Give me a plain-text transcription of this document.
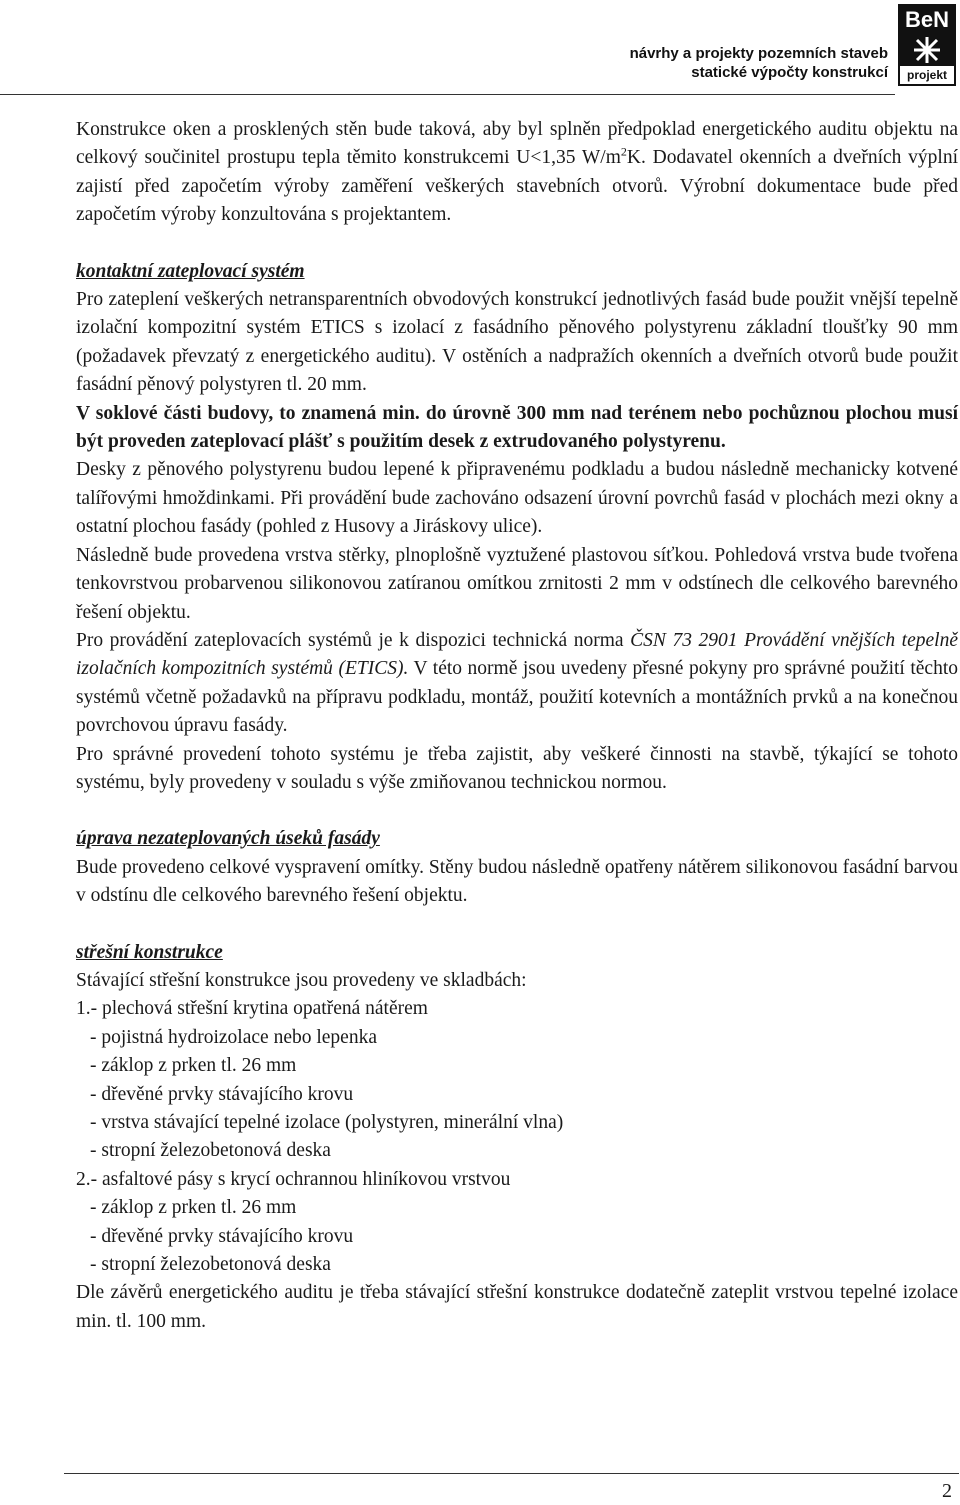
návrhy a projekty pozemních staveb
statické výpočty konstrukcí
BeN
projekt

Konstrukce oken a prosklených stěn bude taková, aby byl splněn předpoklad energetického auditu objektu na celkový součinitel prostupu tepla těmito konstrukcemi U<1,35 $W/m^2K$. Dodavatel okenních a dveřních výplní zajistí před započetím výroby zaměření veškerých stavebních otvorů. Výrobní dokumentace bude před započetím výroby konzultována s projektantem.

kontaktní zateplovací systém

Pro zateplení veškerých netransparentních obvodových konstrukcí jednotlivých fasád bude použit vnější tepelně izolační kompozitní systém ETICS s izolací z fasádního pěnového polystyrenu základní tloušťky 90 mm (požadavek převzatý z energetického auditu). V ostěních a nadpražích okenních a dveřních otvorů bude použit fasádní pěnový polystyren tl. 20 mm.

V soklové části budovy, to znamená min. do úrovně 300 mm nad terénem nebo pochůznou plochou musí být proveden zateplovací plášť s použitím desek z extrudovaného polystyrenu.

Desky z pěnového polystyrenu budou lepené k připravenému podkladu a budou následně mechanicky kotvené talířovými hmoždinkami. Při provádění bude zachováno odsazení úrovní povrchů fasád v plochách mezi okny a ostatní plochou fasády (pohled z Husovy a Jiráskovy ulice).

Následně bude provedena vrstva stěrky, plnoplošně vyztužené plastovou síťkou. Pohledová vrstva bude tvořena tenkovrstvou probarvenou silikonovou zatíranou omítkou zrnitosti 2 mm v odstínech dle celkového barevného řešení objektu.

Pro provádění zateplovacích systémů je k dispozici technická norma ČSN 73 2901 Provádění vnějších tepelně izolačních kompozitních systémů (ETICS). V této normě jsou uvedeny přesné pokyny pro správné použití těchto systémů včetně požadavků na přípravu podkladu, montáž, použití kotevních a montážních prvků a na konečnou povrchovou úpravu fasády.

Pro správné provedení tohoto systému je třeba zajistit, aby veškeré činnosti na stavbě, týkající se tohoto systému, byly provedeny v souladu s výše zmiňovanou technickou normou.

úprava nezateplovaných úseků fasády

Bude provedeno celkové vyspravení omítky. Stěny budou následně opatřeny nátěrem silikonovou fasádní barvou v odstínu dle celkového barevného řešení objektu.

střešní konstrukce

Stávající střešní konstrukce jsou provedeny ve skladbách:

1.- plechová střešní krytina opatřená nátěrem

- pojistná hydroizolace nebo lepenka

- záklop z prken tl. 26 mm

- dřevěné prvky stávajícího krovu

- vrstva stávající tepelné izolace (polystyren, minerální vlna)

- stropní železobetonová deska

2.- asfaltové pásy s krycí ochrannou hliníkovou vrstvou

- záklop z prken tl. 26 mm

- dřevěné prvky stávajícího krovu

- stropní železobetonová deska

Dle závěrů energetického auditu je třeba stávající střešní konstrukce dodatečně zateplit vrstvou tepelné izolace min. tl. 100 mm.

2
